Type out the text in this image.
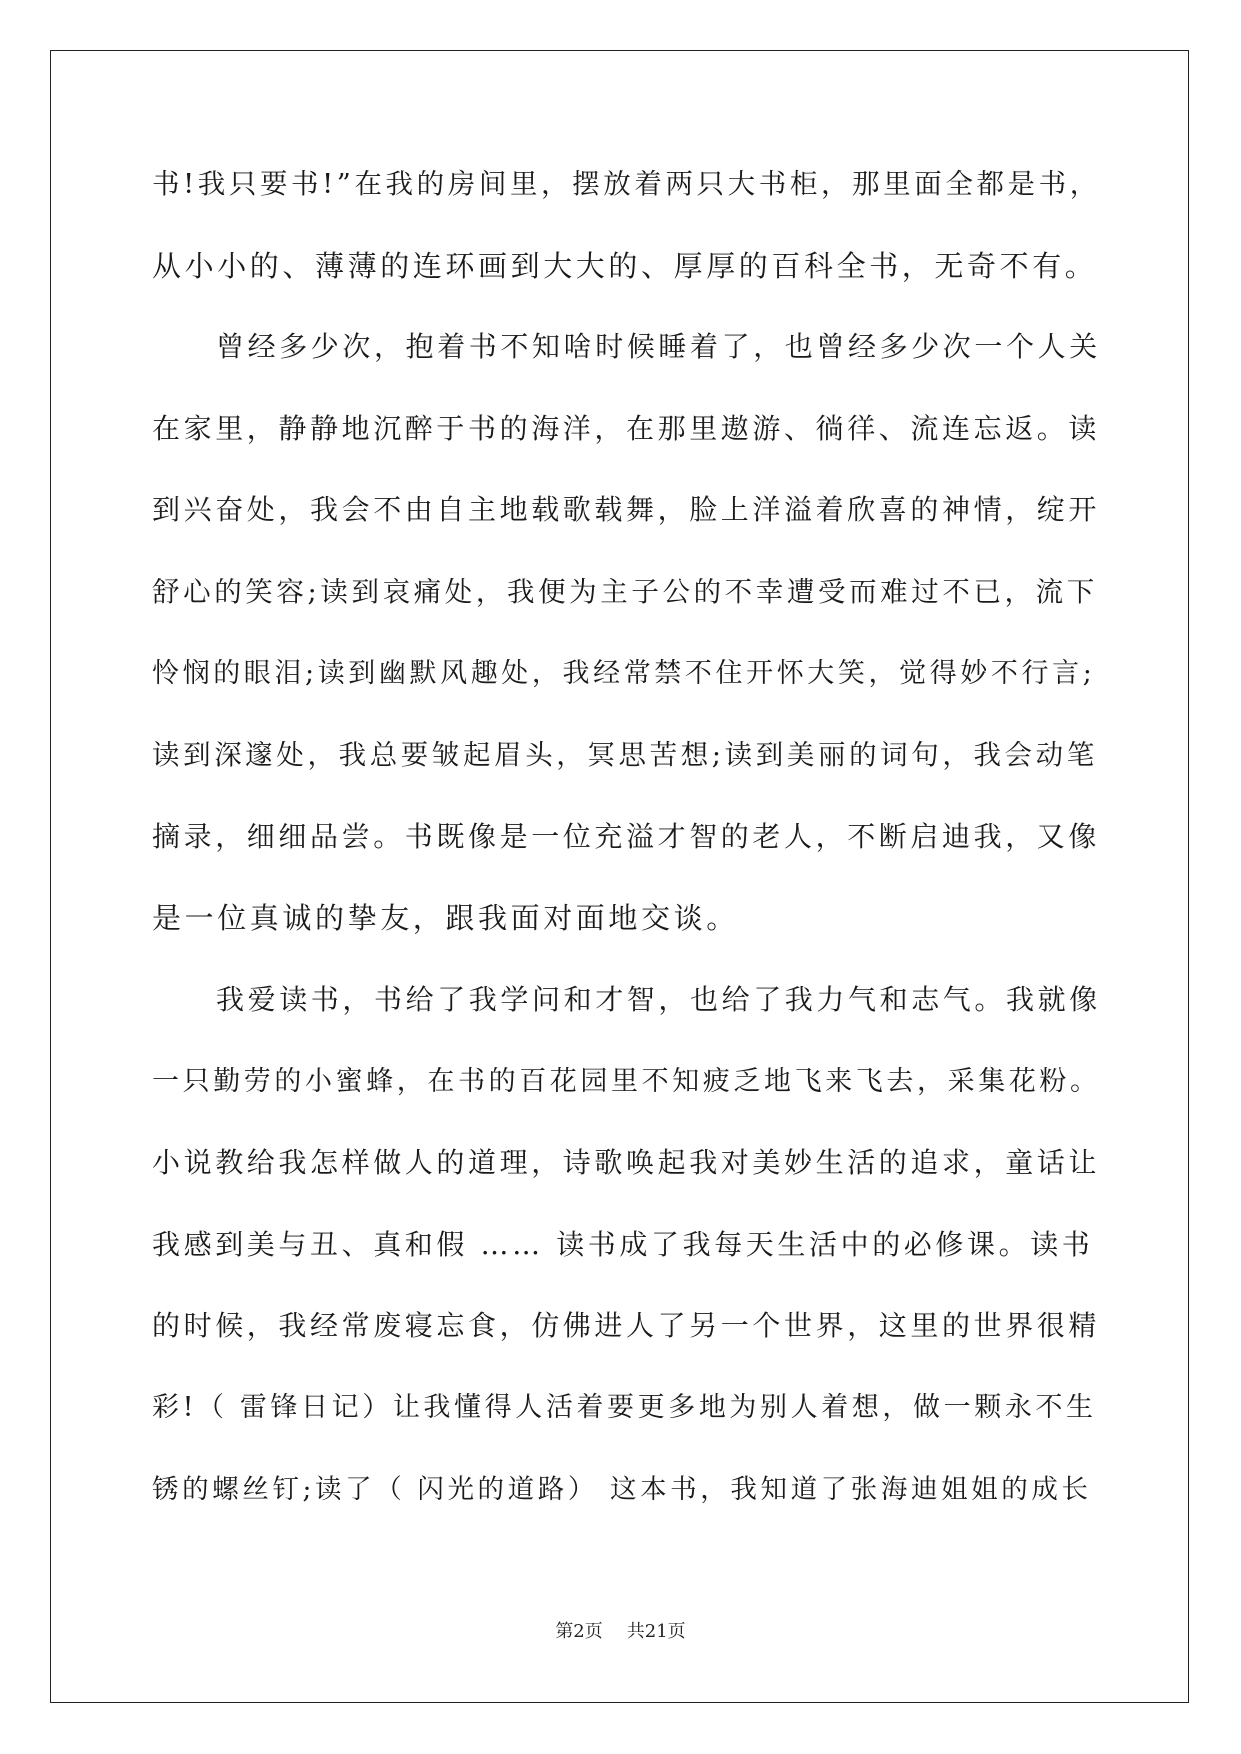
书!我只要书!”在我的房间里，摆放着两只大书柜，那里面全都是书，
从小小的、薄薄的连环画到大大的、厚厚的百科全书，无奇不有。
曾经多少次，抱着书不知啥时候睡着了，也曾经多少次一个人关
在家里，静静地沉醉于书的海洋，在那里遨游、徜徉、流连忘返。读
到兴奋处，我会不由自主地载歌载舞，脸上洋溢着欣喜的神情，绽开
舒心的笑容;读到哀痛处，我便为主子公的不幸遭受而难过不已，流下
怜悯的眼泪;读到幽默风趣处，我经常禁不住开怀大笑，觉得妙不行言;
读到深邃处，我总要皱起眉头，冥思苦想;读到美丽的词句，我会动笔
摘录，细细品尝。书既像是一位充溢才智的老人，不断启迪我，又像
是一位真诚的挚友，跟我面对面地交谈。
我爱读书，书给了我学问和才智，也给了我力气和志气。我就像
一只勤劳的小蜜蜂，在书的百花园里不知疲乏地飞来飞去，采集花粉。
小说教给我怎样做人的道理，诗歌唤起我对美妙生活的追求，童话让
我感到美与丑、真和假 …… 读书成了我每天生活中的必修课。读书
的时候，我经常废寝忘食，仿佛进人了另一个世界，这里的世界很精
彩!（ 雷锋日记）让我懂得人活着要更多地为别人着想，做一颗永不生
锈的螺丝钉;读了（ 闪光的道路） 这本书，我知道了张海迪姐姐的成长
第2页 共21页
